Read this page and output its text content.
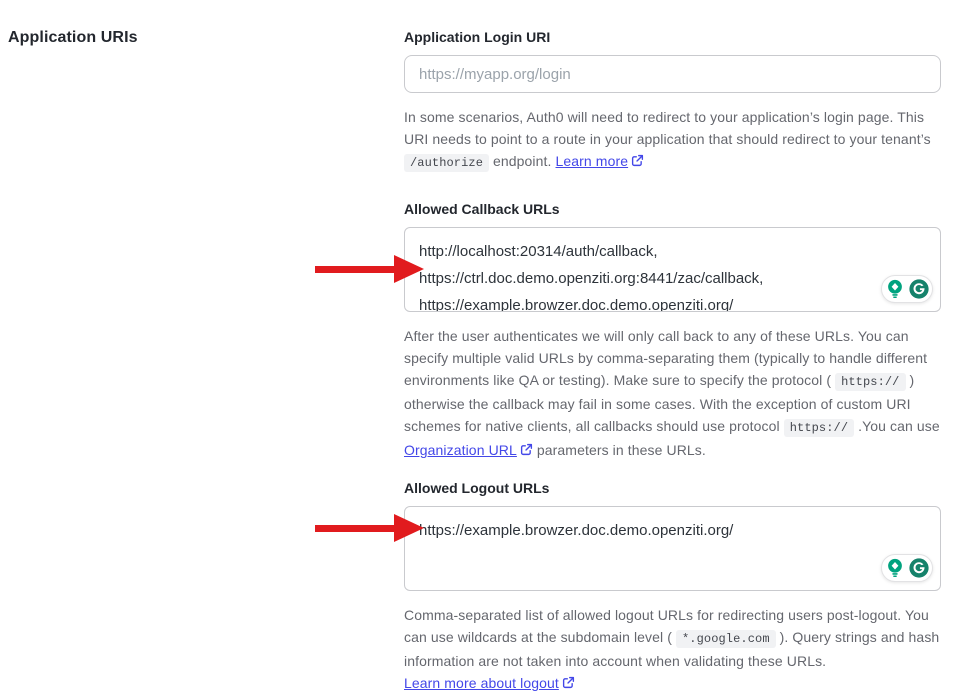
Application URIs	Application Login URI
https://myapp.org/login

In some scenarios, Auth0 will need to redirect to your application’s login page. This URI needs to point to a route in your application that should redirect to your tenant’s /authorize endpoint. Learn more

Allowed Callback URLs
http://localhost:20314/auth/callback, https://ctrl.doc.demo.openziti.org:8441/zac/callback, https://example.browzer.doc.demo.openziti.org/

After the user authenticates we will only call back to any of these URLs. You can specify multiple valid URLs by comma-separating them (typically to handle different environments like QA or testing). Make sure to specify the protocol ( https:// ) otherwise the callback may fail in some cases. With the exception of custom URI schemes for native clients, all callbacks should use protocol https:// .You can use Organization URL
parameters in these URLs.

Allowed Logout URLs
https://example.browzer.doc.demo.openziti.org/

Comma-separated list of allowed logout URLs for redirecting users post-logout. You can use wildcards at the subdomain level ( *.google.com ). Query strings and hash information are not taken into account when validating these URLs.
Learn more about logout
